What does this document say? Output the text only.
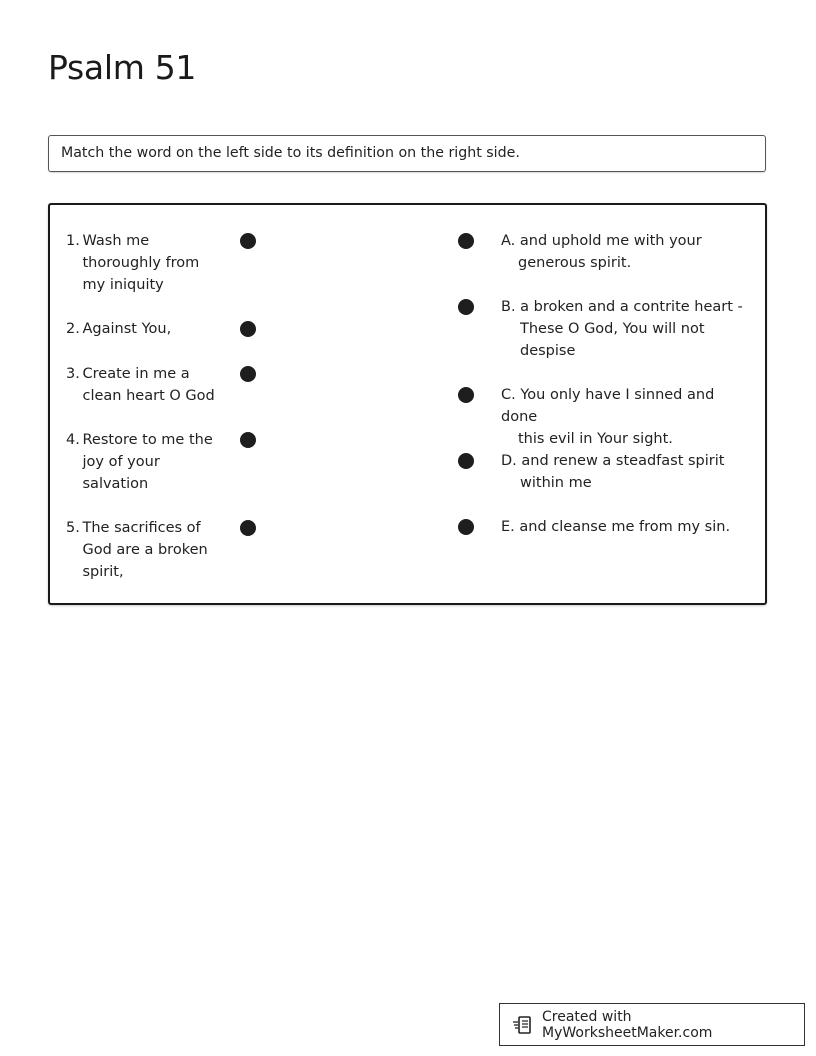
Psalm 51
Match the word on the left side to its definition on the right side.
1. Wash me
thoroughly from
my iniquity
2. Against You,
3. Create in me a
clean heart O God
4. Restore to me the
joy of your
salvation
5. The sacrifices of
God are a broken
spirit,
A. and uphold me with your
generous spirit.
B. a broken and a contrite heart -
These O God, You will not
despise
C. You only have I sinned and done
this evil in Your sight.
D. and renew a steadfast spirit
within me
E. and cleanse me from my sin.
Created with MyWorksheetMaker.com
